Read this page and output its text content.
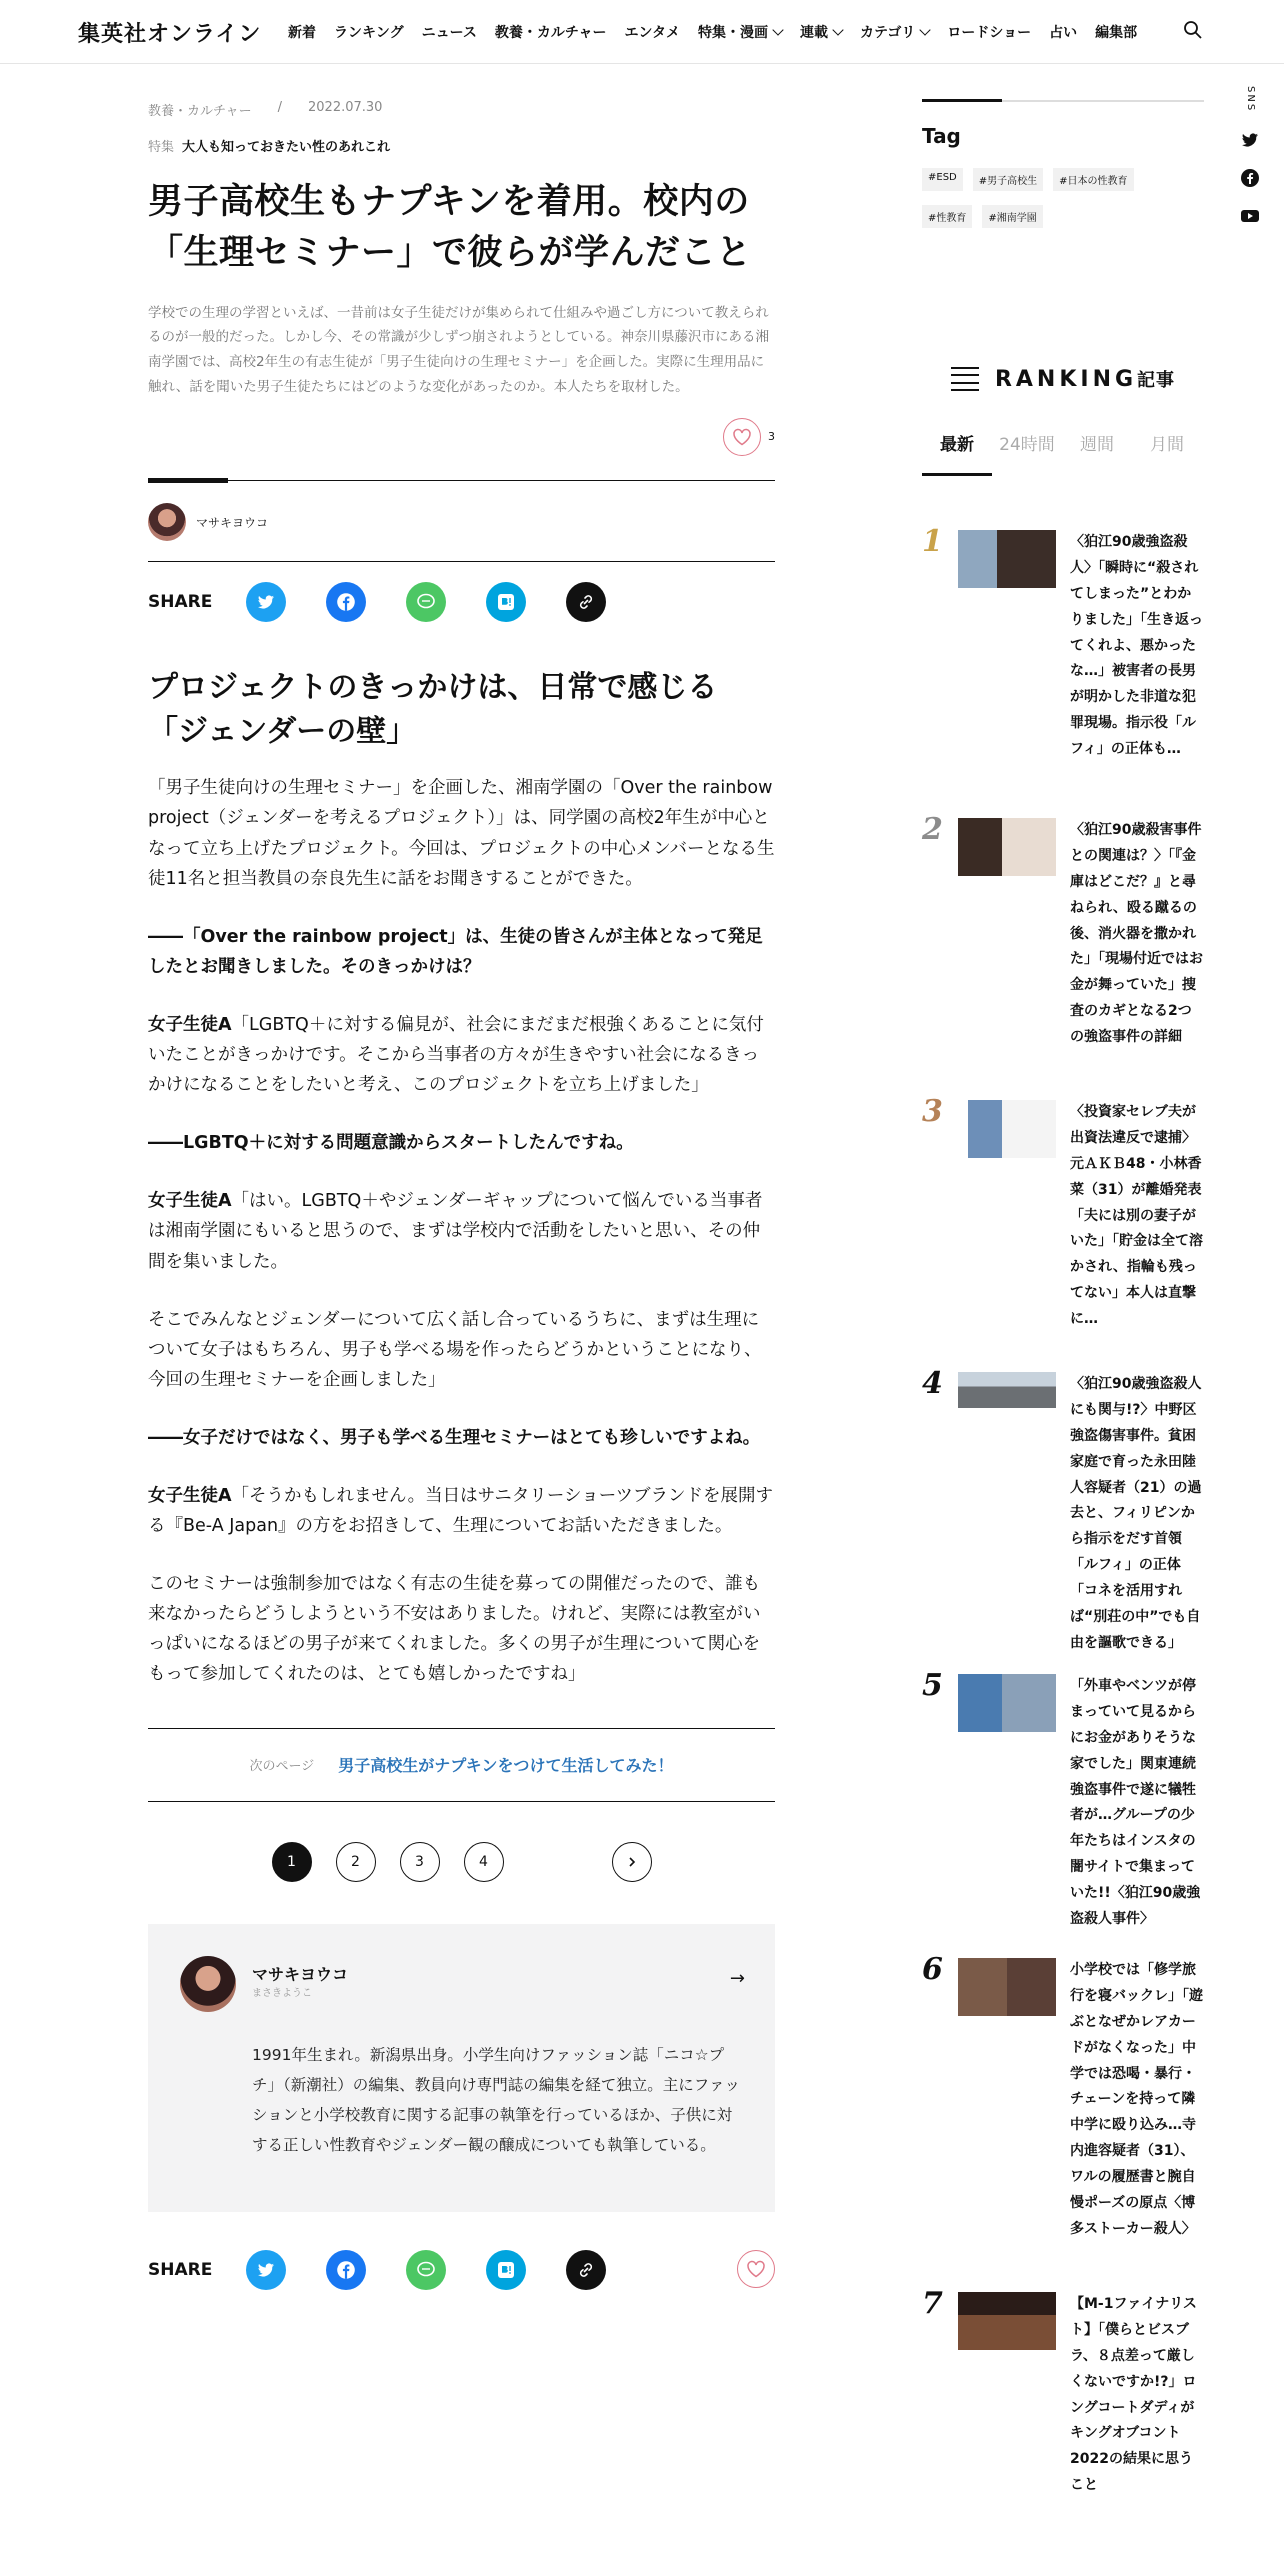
集英社オンライン 新着 ランキング ニュース 教養・カルチャー エンタメ 特集・漫画 連載 カテゴリ ロードショー 占い 編集部
SNS
教養・カルチャー / 2022.07.30
特集 大人も知っておきたい性のあれこれ
男子高校生もナプキンを着用。校内の「生理セミナー」で彼らが学んだこと

学校での生理の学習といえば、一昔前は女子生徒だけが集められて仕組みや過ごし方について教えられるのが一般的だった。しかし今、その常識が少しずつ崩されようとしている。神奈川県藤沢市にある湘南学園では、高校2年生の有志生徒が「男子生徒向けの生理セミナー」を企画した。実際に生理用品に触れ、話を聞いた男子生徒たちにはどのような変化があったのか。本人たちを取材した。

3
マサキヨウコ
SHARE
プロジェクトのきっかけは、日常で感じる「ジェンダーの壁」

「男子生徒向けの生理セミナー」を企画した、湘南学園の「Over the rainbow project（ジェンダーを考えるプロジェクト）」は、同学園の高校2年生が中心となって立ち上げたプロジェクト。今回は、プロジェクトの中心メンバーとなる生徒11名と担当教員の奈良先生に話をお聞きすることができた。

――「Over the rainbow project」は、生徒の皆さんが主体となって発足したとお聞きしました。そのきっかけは？

女子生徒A「LGBTQ＋に対する偏見が、社会にまだまだ根強くあることに気付いたことがきっかけです。そこから当事者の方々が生きやすい社会になるきっかけになることをしたいと考え、このプロジェクトを立ち上げました」

――LGBTQ＋に対する問題意識からスタートしたんですね。

女子生徒A「はい。LGBTQ＋やジェンダーギャップについて悩んでいる当事者は湘南学園にもいると思うので、まずは学校内で活動をしたいと思い、その仲間を集いました。

そこでみんなとジェンダーについて広く話し合っているうちに、まずは生理について女子はもちろん、男子も学べる場を作ったらどうかということになり、今回の生理セミナーを企画しました」

――女子だけではなく、男子も学べる生理セミナーはとても珍しいですよね。

女子生徒A「そうかもしれません。当日はサニタリーショーツブランドを展開する『Be-A Japan』の方をお招きして、生理についてお話いただきました。

このセミナーは強制参加ではなく有志の生徒を募っての開催だったので、誰も来なかったらどうしようという不安はありました。けれど、実際には教室がいっぱいになるほどの男子が来てくれました。多くの男子が生理について関心をもって参加してくれたのは、とても嬉しかったですね」

次のページ 男子高校生がナプキンをつけて生活してみた！
1	2	3	4
マサキヨウコ
まさきようこ
→

1991年生まれ。新潟県出身。小学生向けファッション誌「ニコ☆プチ」（新潮社）の編集、教員向け専門誌の編集を経て独立。主にファッションと小学校教育に関する記事の執筆を行っているほか、子供に対する正しい性教育やジェンダー観の醸成についても執筆している。

SHARE
Tag
#ESD	#男子高校生	#日本の性教育
#性教育	#湘南学園
RANKING記事
最新	24時間	週間	月間
1	〈狛江90歳強盗殺人〉「瞬時に“殺されてしまった”とわかりました」「生き返ってくれよ、悪かったな…」被害者の長男が明かした非道な犯罪現場。指示役「ルフィ」の正体も…
2	〈狛江90歳殺害事件との関連は？〉「『金庫はどこだ？』と尋ねられ、殴る蹴るの後、消火器を撒かれた」「現場付近ではお金が舞っていた」捜査のカギとなる2つの強盗事件の詳細
3	〈投資家セレブ夫が出資法違反で逮捕〉元ＡＫＢ48・小林香菜（31）が離婚発表「夫には別の妻子がいた」「貯金は全て溶かされ、指輪も残ってない」本人は直撃に…
4	〈狛江90歳強盗殺人にも関与!?〉中野区強盗傷害事件。貧困家庭で育った永田陸人容疑者（21）の過去と、フィリピンから指示をだす首領「ルフィ」の正体「コネを活用すれば“別荘の中”でも自由を謳歌できる」
5	「外車やベンツが停まっていて見るからにお金がありそうな家でした」関東連続強盗事件で遂に犠牲者が…グループの少年たちはインスタの闇サイトで集まっていた!!〈狛江90歳強盗殺人事件〉
6	小学校では「修学旅行を寝バックレ」「遊ぶとなぜかレアカードがなくなった」中学では恐喝・暴行・チェーンを持って隣中学に殴り込み…寺内進容疑者（31）、ワルの履歴書と腕自慢ポーズの原点〈博多ストーカー殺人〉
7	【M-1ファイナリスト】「僕らとビスブラ、８点差って厳しくないですか!?」ロングコートダディがキングオブコント2022の結果に思うこと
